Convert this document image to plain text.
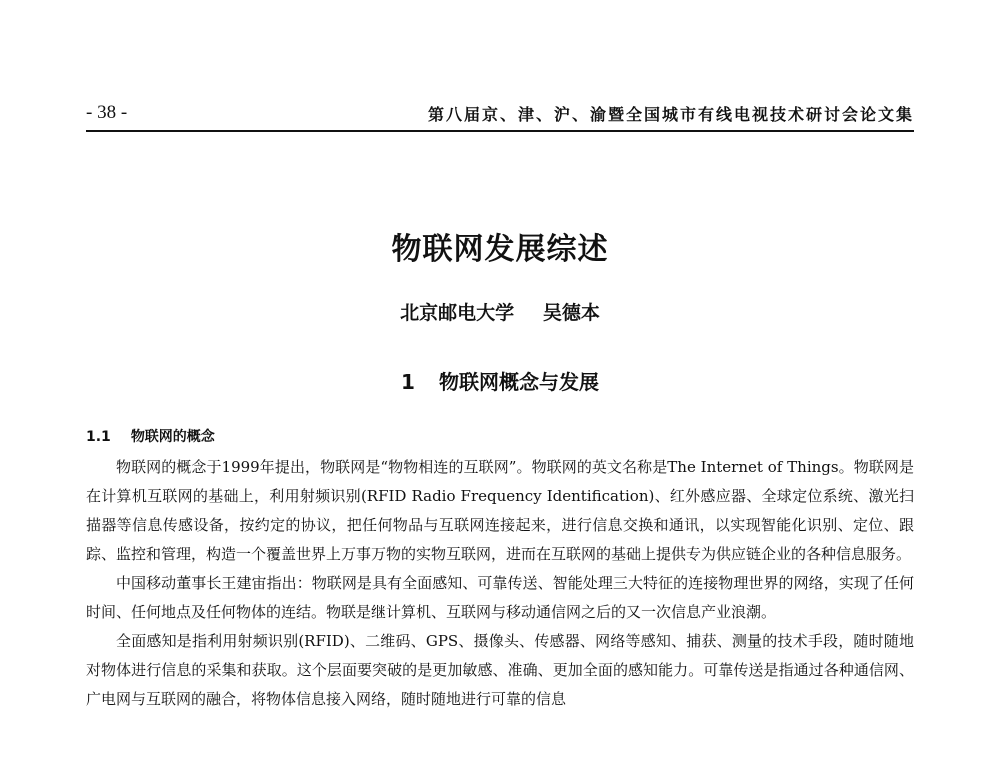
- 38 -	第八届京、津、沪、渝暨全国城市有线电视技术研讨会论文集
物联网发展综述
北京邮电大学 吴德本
1 物联网概念与发展
1.1 物联网的概念

物联网的概念于1999年提出，物联网是“物物相连的互联网”。物联网的英文名称是The Internet of Things。物联网是在计算机互联网的基础上，利用射频识别(RFID Radio Frequency Identification)、红外感应器、全球定位系统、激光扫描器等信息传感设备，按约定的协议，把任何物品与互联网连接起来，进行信息交换和通讯，以实现智能化识别、定位、跟踪、监控和管理，构造一个覆盖世界上万事万物的实物互联网，进而在互联网的基础上提供专为供应链企业的各种信息服务。

中国移动董事长王建宙指出：物联网是具有全面感知、可靠传送、智能处理三大特征的连接物理世界的网络，实现了任何时间、任何地点及任何物体的连结。物联是继计算机、互联网与移动通信网之后的又一次信息产业浪潮。

全面感知是指利用射频识别(RFID)、二维码、GPS、摄像头、传感器、网络等感知、捕获、测量的技术手段，随时随地对物体进行信息的采集和获取。这个层面要突破的是更加敏感、准确、更加全面的感知能力。可靠传送是指通过各种通信网、广电网与互联网的融合，将物体信息接入网络，随时随地进行可靠的信息
